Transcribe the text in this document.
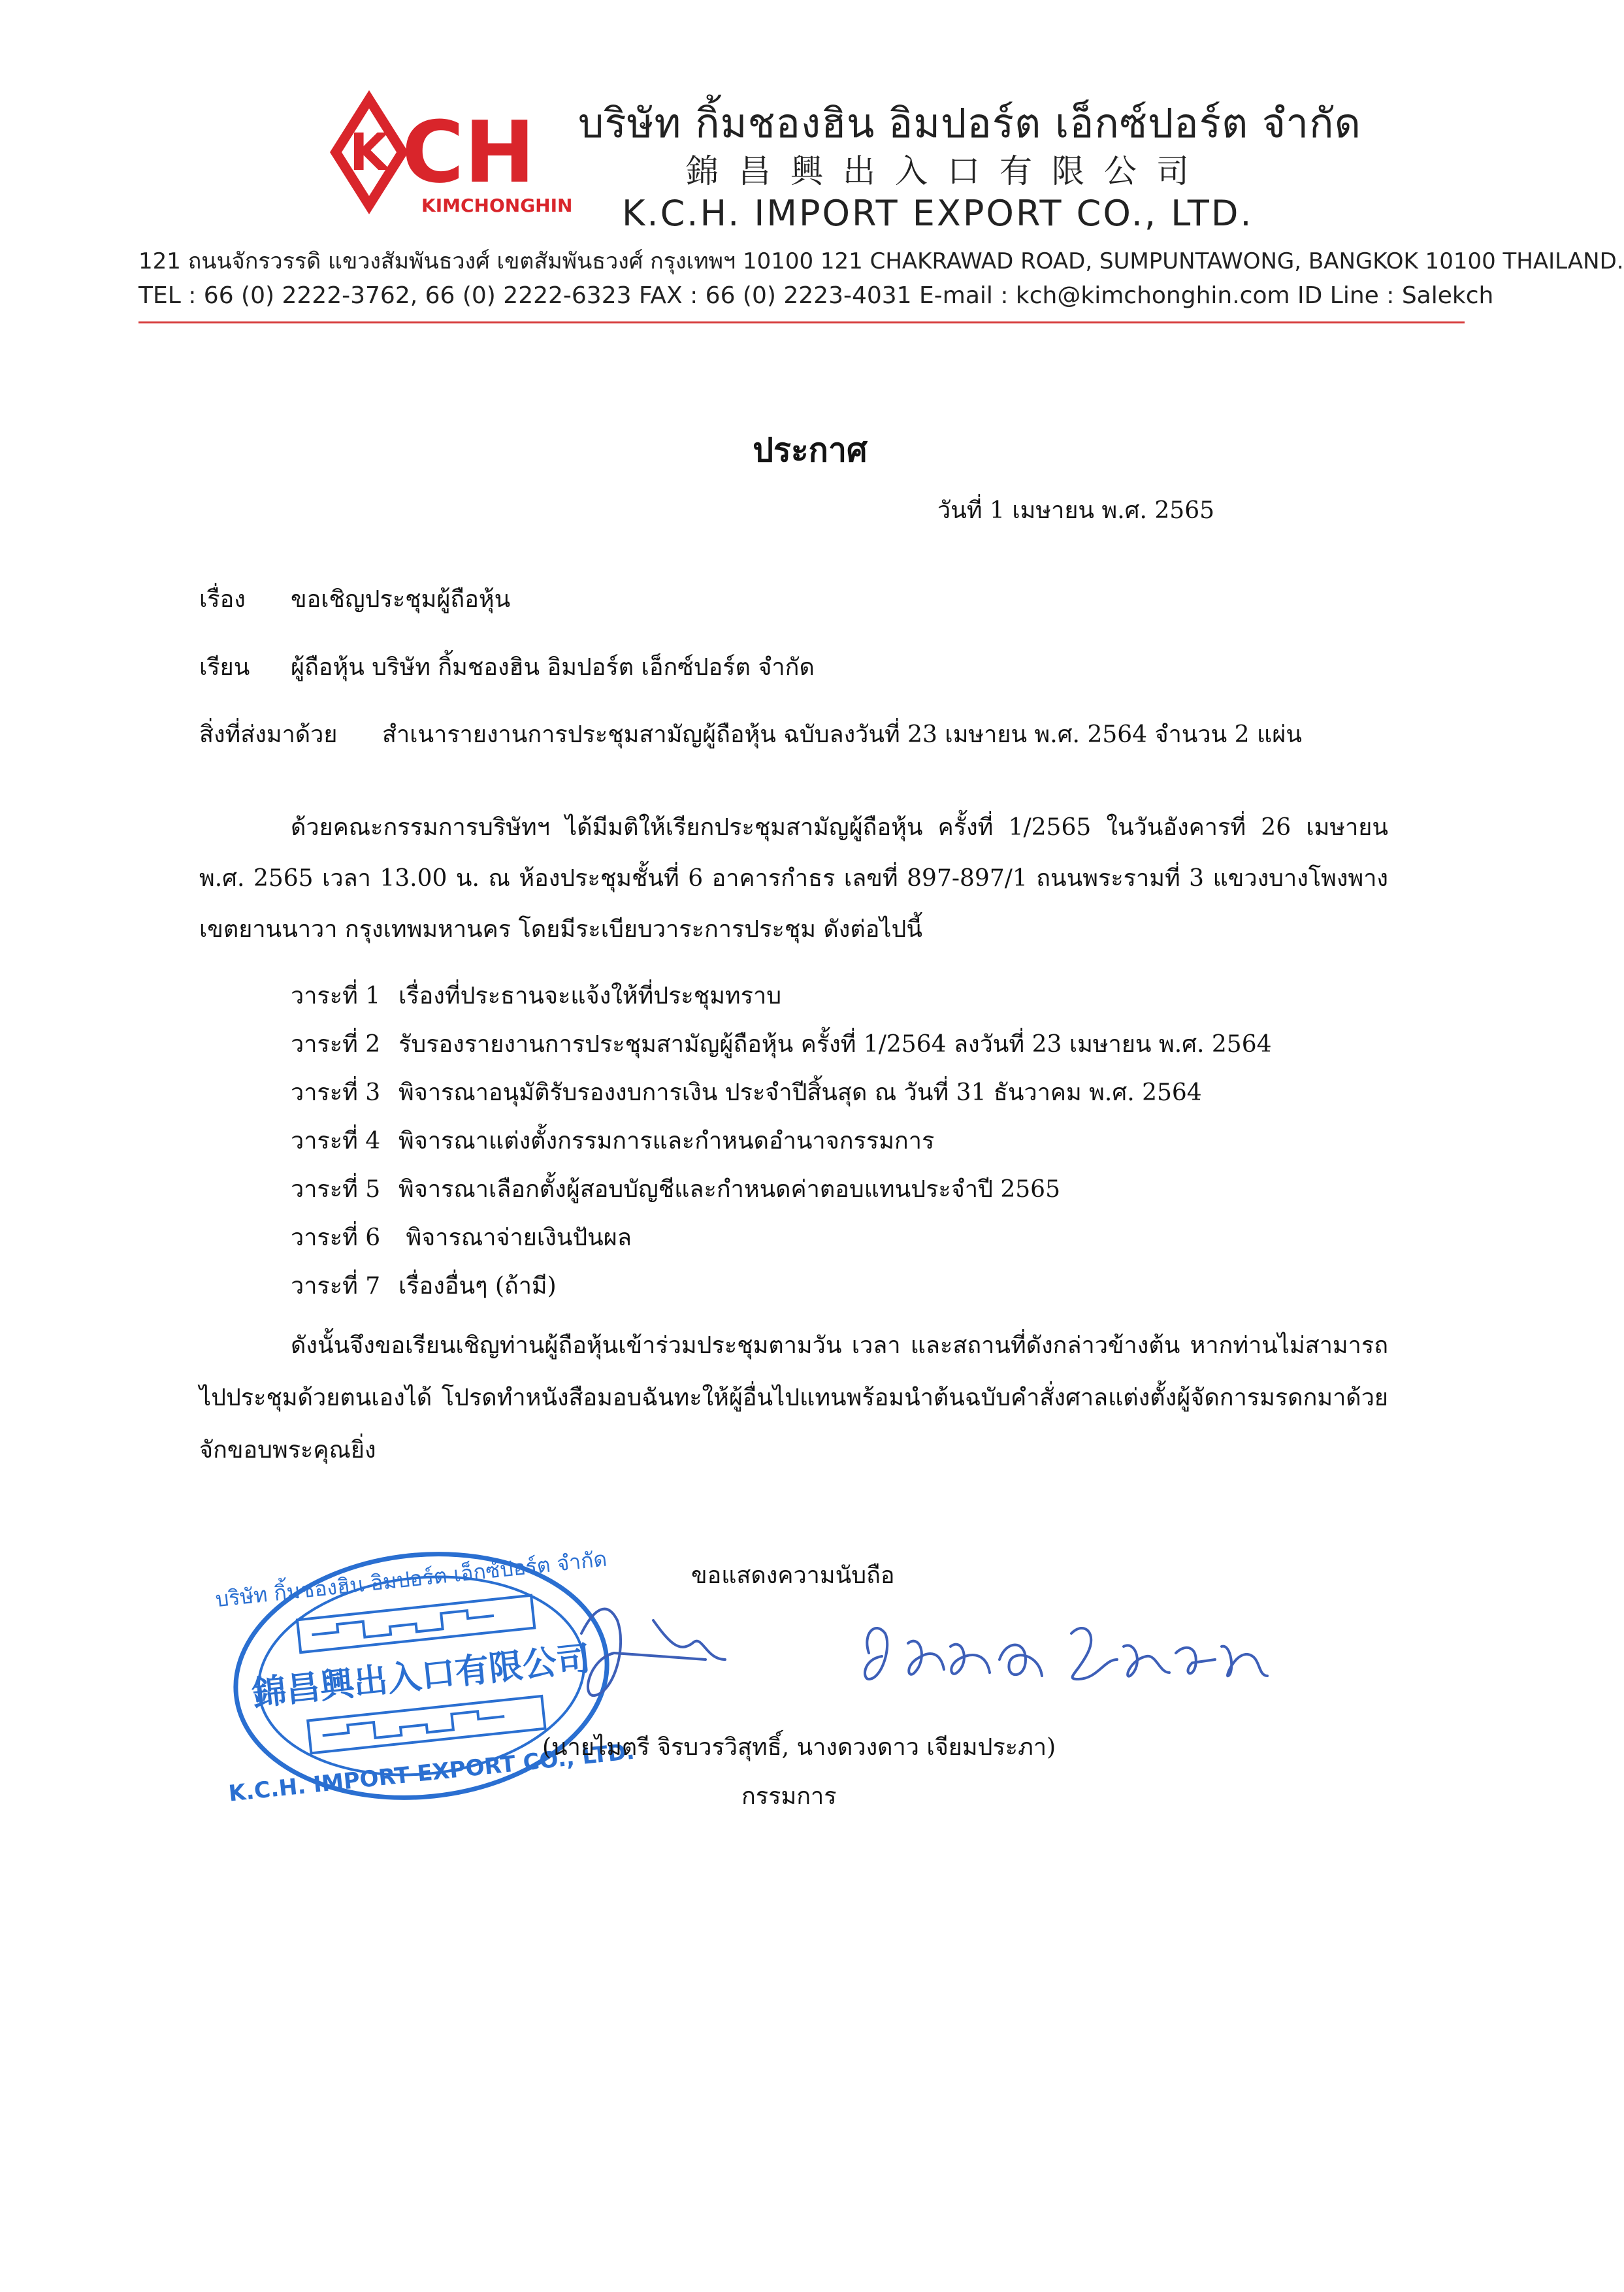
K CH
KIMCHONGHIN
บริษัท กิ้มชองฮิน อิมปอร์ต เอ็กซ์ปอร์ต จำกัด
錦昌興出入口有限公司
K.C.H. IMPORT EXPORT CO., LTD.
121 ถนนจักรวรรดิ แขวงสัมพันธวงศ์ เขตสัมพันธวงศ์ กรุงเทพฯ 10100 121 CHAKRAWAD ROAD, SUMPUNTAWONG, BANGKOK 10100 THAILAND.
TEL : 66 (0) 2222-3762, 66 (0) 2222-6323 FAX : 66 (0) 2223-4031 E-mail : kch@kimchonghin.com ID Line : Salekch
ประกาศ
วันที่ 1 เมษายน พ.ศ. 2565
เรื่อง ขอเชิญประชุมผู้ถือหุ้น
เรียน ผู้ถือหุ้น บริษัท กิ้มชองฮิน อิมปอร์ต เอ็กซ์ปอร์ต จำกัด
สิ่งที่ส่งมาด้วย สำเนารายงานการประชุมสามัญผู้ถือหุ้น ฉบับลงวันที่ 23 เมษายน พ.ศ. 2564 จำนวน 2 แผ่น
ด้วยคณะกรรมการบริษัทฯ ได้มีมติให้เรียกประชุมสามัญผู้ถือหุ้น ครั้งที่ 1/2565 ในวันอังคารที่ 26 เมษายน พ.ศ. 2565 เวลา 13.00 น. ณ ห้องประชุมชั้นที่ 6 อาคารกำธร เลขที่ 897-897/1 ถนนพระรามที่ 3 แขวงบางโพงพาง เขตยานนาวา กรุงเทพมหานคร โดยมีระเบียบวาระการประชุม ดังต่อไปนี้
วาระที่ 1 เรื่องที่ประธานจะแจ้งให้ที่ประชุมทราบ
วาระที่ 2 รับรองรายงานการประชุมสามัญผู้ถือหุ้น ครั้งที่ 1/2564 ลงวันที่ 23 เมษายน พ.ศ. 2564
วาระที่ 3 พิจารณาอนุมัติรับรองงบการเงิน ประจำปีสิ้นสุด ณ วันที่ 31 ธันวาคม พ.ศ. 2564
วาระที่ 4 พิจารณาแต่งตั้งกรรมการและกำหนดอำนาจกรรมการ
วาระที่ 5 พิจารณาเลือกตั้งผู้สอบบัญชีและกำหนดค่าตอบแทนประจำปี 2565
วาระที่ 6 พิจารณาจ่ายเงินปันผล
วาระที่ 7 เรื่องอื่นๆ (ถ้ามี)
ดังนั้นจึงขอเรียนเชิญท่านผู้ถือหุ้นเข้าร่วมประชุมตามวัน เวลา และสถานที่ดังกล่าวข้างต้น หากท่านไม่สามารถไปประชุมด้วยตนเองได้ โปรดทำหนังสือมอบฉันทะให้ผู้อื่นไปแทนพร้อมนำต้นฉบับคำสั่งศาลแต่งตั้งผู้จัดการมรดกมาด้วย จักขอบพระคุณยิ่ง
ขอแสดงความนับถือ
บริษัท กิ้มชองฮิน อิมปอร์ต เอ็กซ์ปอร์ต จำกัด
錦昌興出入口有限公司
K.C.H. IMPORT EXPORT CO., LTD.
(นายไมตรี จิรบวรวิสุทธิ์, นางดวงดาว เจียมประภา)
กรรมการ
